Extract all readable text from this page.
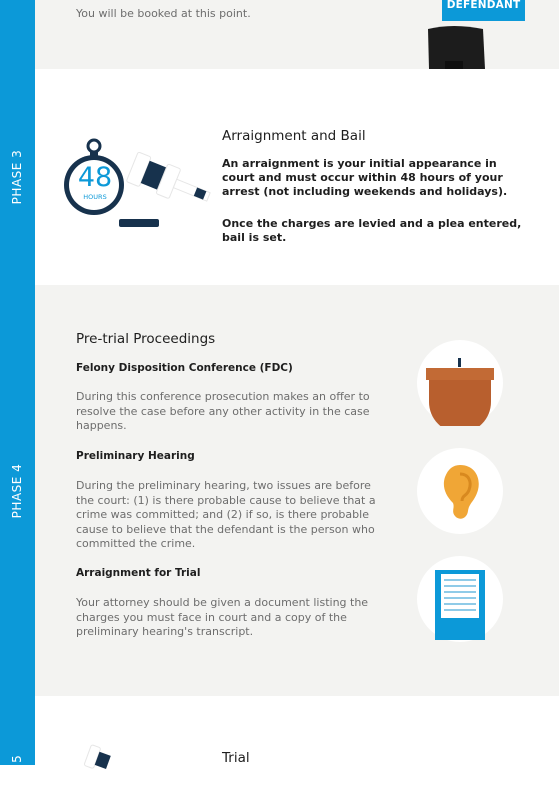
PHASE 3
PHASE 4
PHASE 5
You will be booked at this point.
DEFENDANT
48
HOURS
Arraignment and Bail
An arraignment is your initial appearance in court and must occur within 48 hours of your arrest (not including weekends and holidays).
Once the charges are levied and a plea entered, bail is set.
Pre-trial Proceedings
Felony Disposition Conference (FDC)
During this conference prosecution makes an offer to resolve the case before any other activity in the case happens.
Preliminary Hearing
During the preliminary hearing, two issues are before the court: (1) is there probable cause to believe that a crime was committed; and (2) if so, is there probable cause to believe that the defendant is the person who committed the crime.
Arraignment for Trial
Your attorney should be given a document listing the charges you must face in court and a copy of the preliminary hearing's transcript.
Trial
